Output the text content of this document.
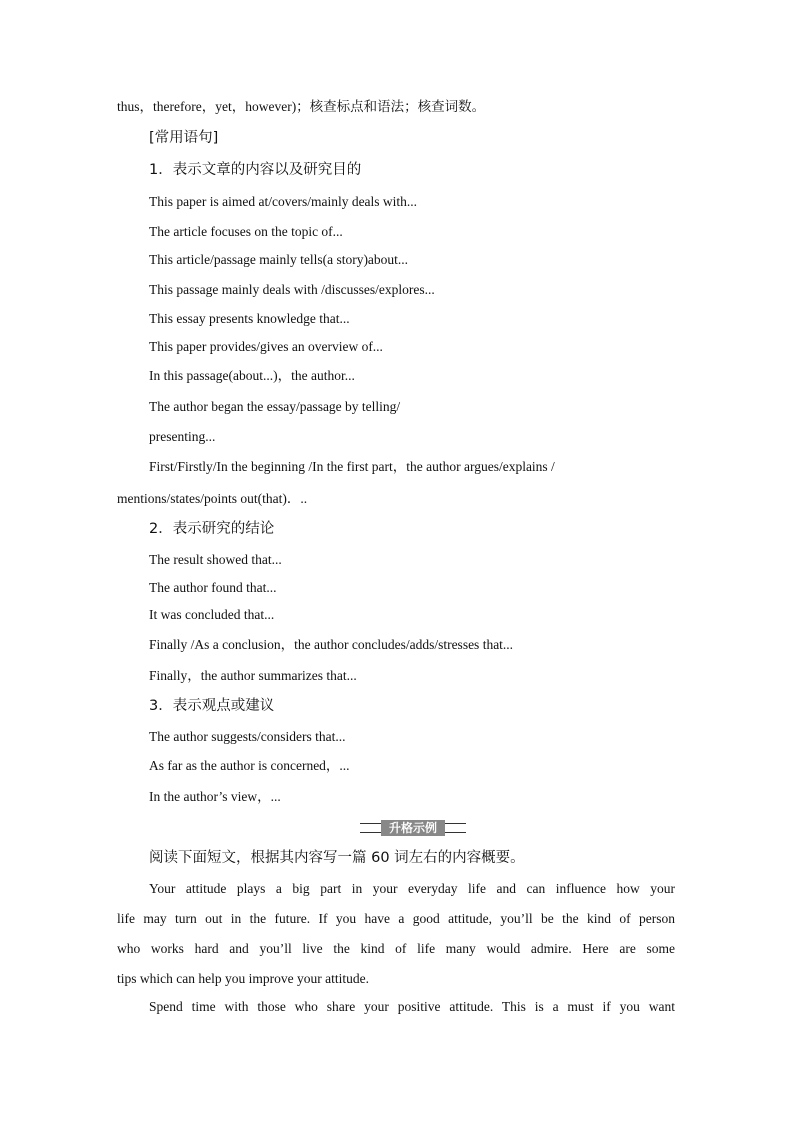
thus，therefore，yet，however)；核查标点和语法；核查词数。
[常用语句]
1．表示文章的内容以及研究目的
This paper is aimed at/covers/mainly deals with...
The article focuses on the topic of...
This article/passage mainly tells(a story)about...
This passage mainly deals with /discusses/explores...
This essay presents knowledge that...
This paper provides/gives an overview of...
In this passage(about...)，the author...
The author began the essay/passage by telling/
presenting...
First/Firstly/In the beginning /In the first part，the author argues/explains /
mentions/states/points out(that)．..
2．表示研究的结论
The result showed that...
The author found that...
It was concluded that...
Finally /As a conclusion，the author concludes/adds/stresses that...
Finally，the author summarizes that...
3．表示观点或建议
The author suggests/considers that...
As far as the author is concerned，...
In the author’s view，...
升格示例
阅读下面短文，根据其内容写一篇 60 词左右的内容概要。
Your attitude plays a big part in your everyday life and can influence how your
life may turn out in the future. If you have a good attitude, you’ll be the kind of person
who works hard and you’ll live the kind of life many would admire. Here are some
tips which can help you improve your attitude.
Spend time with those who share your positive attitude. This is a must if you want
